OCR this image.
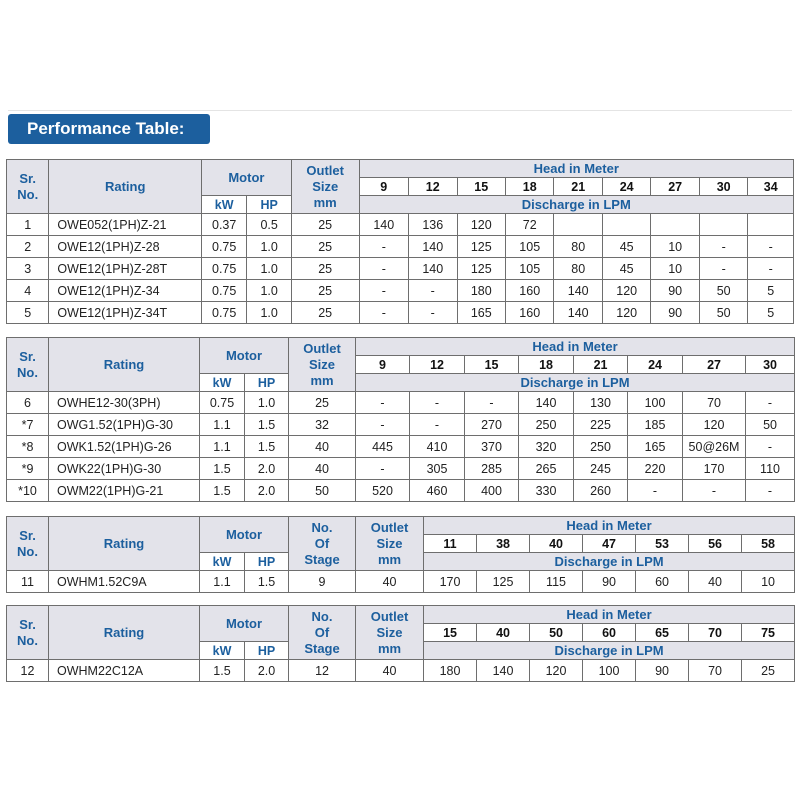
Performance Table:
Sr.
No.	Rating	Motor		Outlet
Size
mm	Head in Meter								
					9	12	15	18	21	24	27	30	34
		kW	HP		Discharge in LPM								
1	OWE052(1PH)Z-21	0.37	0.5	25	140	136	120	72					
2	OWE12(1PH)Z-28	0.75	1.0	25	-	140	125	105	80	45	10	-	-
3	OWE12(1PH)Z-28T	0.75	1.0	25	-	140	125	105	80	45	10	-	-
4	OWE12(1PH)Z-34	0.75	1.0	25	-	-	180	160	140	120	90	50	5
5	OWE12(1PH)Z-34T	0.75	1.0	25	-	-	165	160	140	120	90	50	5
Sr.
No.	Rating	Motor		Outlet
Size
mm	Head in Meter							
					9	12	15	18	21	24	27	30
		kW	HP		Discharge in LPM							
6	OWHE12-30(3PH)	0.75	1.0	25	-	-	-	140	130	100	70	-
*7	OWG1.52(1PH)G-30	1.1	1.5	32	-	-	270	250	225	185	120	50
*8	OWK1.52(1PH)G-26	1.1	1.5	40	445	410	370	320	250	165	50@26M	-
*9	OWK22(1PH)G-30	1.5	2.0	40	-	305	285	265	245	220	170	110
*10	OWM22(1PH)G-21	1.5	2.0	50	520	460	400	330	260	-	-	-
Sr.
No.	Rating	Motor		No.
Of
Stage	Outlet
Size
mm	Head in Meter						
						11	38	40	47	53	56	58
		kW	HP			Discharge in LPM						
11	OWHM1.52C9A	1.1	1.5	9	40	170	125	115	90	60	40	10
Sr.
No.	Rating	Motor		No.
Of
Stage	Outlet
Size
mm	Head in Meter						
						15	40	50	60	65	70	75
		kW	HP			Discharge in LPM						
12	OWHM22C12A	1.5	2.0	12	40	180	140	120	100	90	70	25
